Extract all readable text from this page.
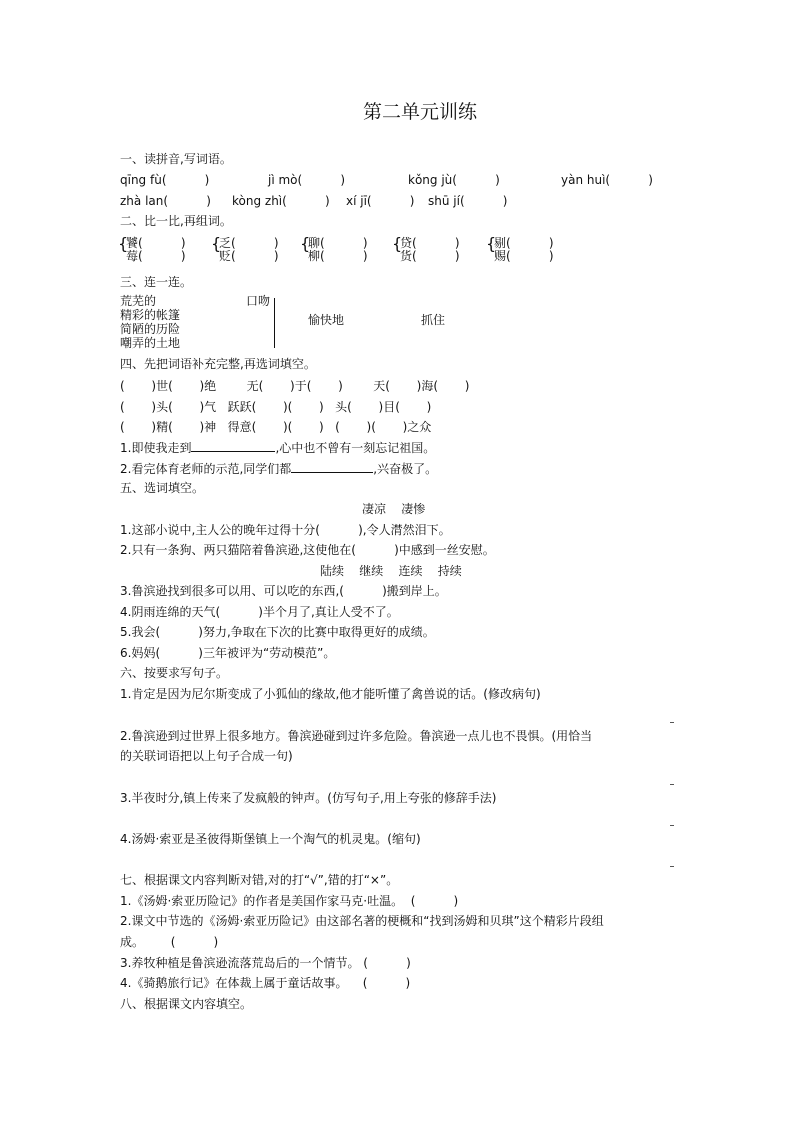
第二单元训练
一、读拼音,写词语。
qīng fù(          )	jì mò(          )	kǒng jù(          )	yàn huì(          )
zhà lan(          ) kòng zhì(          ) xí jī(          ) shū jí(          )
二、比一比,再组词。
{
饕(          )
莓(          )
{
乏(          )
贬(          )
{
聊(          )
柳(          )
{
贷(          )
货(          )
{
剔(          )
赐(          )
三、连一连。
荒芜的
精彩的帐篷
简陋的历险
嘲弄的土地
口吻
愉快地	抓住
四、先把词语补充完整,再选词填空。
(       )世(       )绝        无(       )于(       )        天(       )海(       )
(       )头(       )气   跃跃(       )(       )   头(       )目(       )
(       )精(       )神   得意(       )(       )   (       )(       )之众
1.即使我走到	,心中也不曾有一刻忘记祖国。
2.看完体育老师的示范,同学们都	,兴奋极了。
五、选词填空。
凄凉    凄惨
1.这部小说中,主人公的晚年过得十分(          ),令人潸然泪下。
2.只有一条狗、两只猫陪着鲁滨逊,这使他在(          )中感到一丝安慰。
陆续    继续    连续    持续
3.鲁滨逊找到很多可以用、可以吃的东西,(          )搬到岸上。
4.阴雨连绵的天气(          )半个月了,真让人受不了。
5.我会(          )努力,争取在下次的比赛中取得更好的成绩。
6.妈妈(          )三年被评为“劳动模范”。
六、按要求写句子。
1.肯定是因为尼尔斯变成了小狐仙的缘故,他才能听懂了禽兽说的话。(修改病句)
2.鲁滨逊到过世界上很多地方。鲁滨逊碰到过许多危险。鲁滨逊一点儿也不畏惧。(用恰当
的关联词语把以上句子合成一句)
3.半夜时分,镇上传来了发疯般的钟声。(仿写句子,用上夸张的修辞手法)
4.汤姆·索亚是圣彼得斯堡镇上一个淘气的机灵鬼。(缩句)
七、根据课文内容判断对错,对的打“√”,错的打“×”。
1.《汤姆·索亚历险记》的作者是美国作家马克·吐温。  (          )
2.课文中节选的《汤姆·索亚历险记》由这部名著的梗概和“找到汤姆和贝琪”这个精彩片段组
成。       (          )
3.养牧种植是鲁滨逊流落荒岛后的一个情节。 (          )
4.《骑鹅旅行记》在体裁上属于童话故事。    (          )
八、根据课文内容填空。
